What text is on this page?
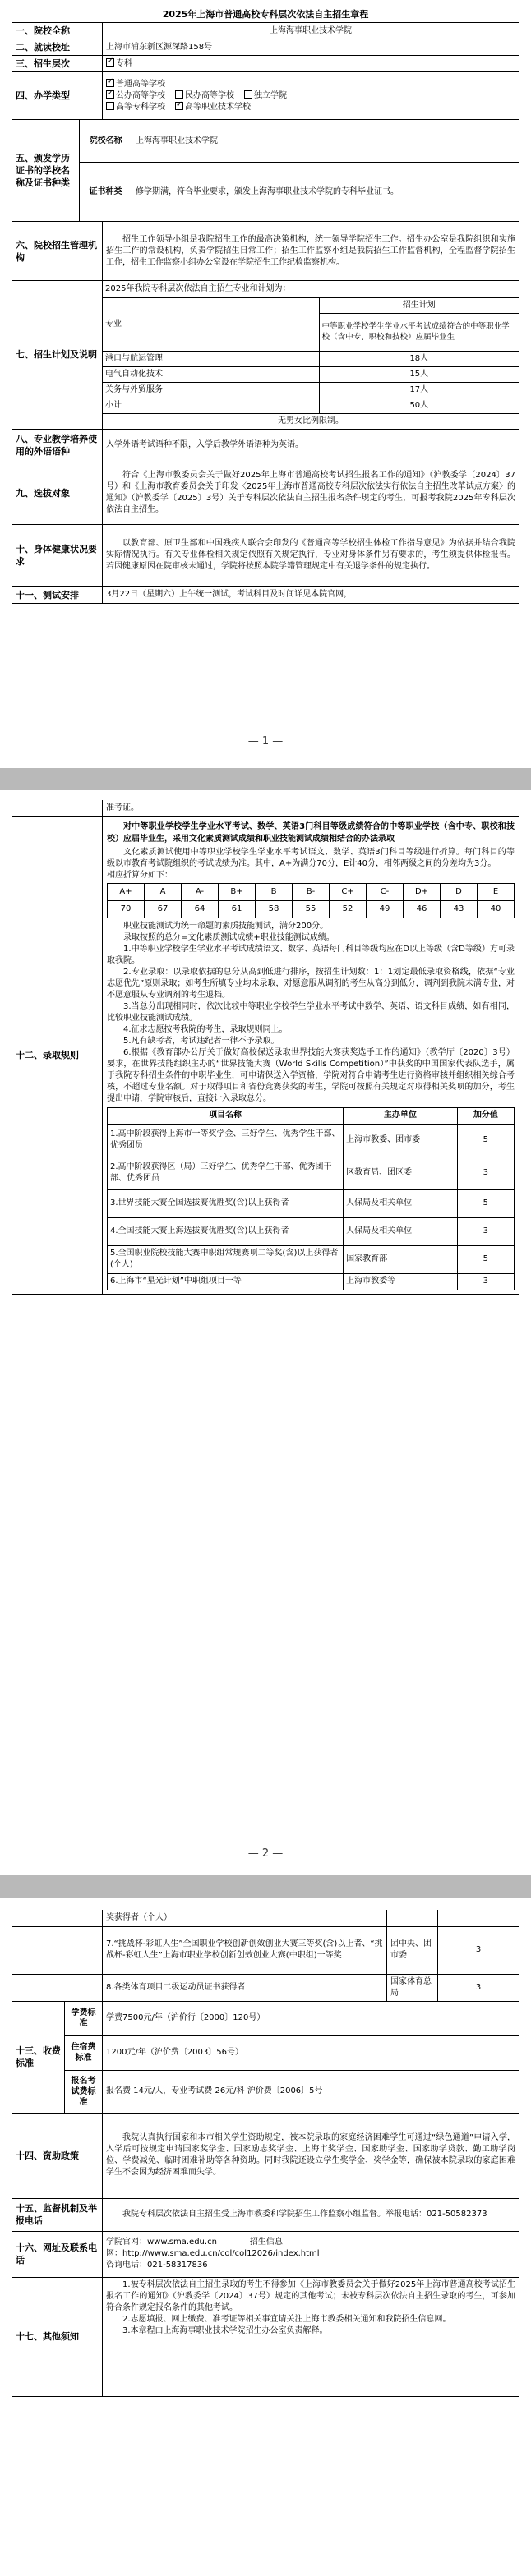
2025年上海市普通高校专科层次依法自主招生章程
一、院校全称	上海海事职业技术学院
二、就读校址	上海市浦东新区源深路158号
三、招生层次	✓专科
四、办学类型	
✓普通高等学校
✓公办高等学校 民办高等学校 独立学院
高等专科学校 ✓ 高等职业技术学校

五、颁发学历证书的学校名称及证书种类	院校名称	上海海事职业技术学院
证书种类	修学期满，符合毕业要求，颁发上海海事职业技术学院的专科毕业证书。
六、院校招生管理机构	招生工作领导小组是我院招生工作的最高决策机构，统一领导学院招生工作。招生办公室是我院组织和实施招生工作的常设机构，负责学院招生日常工作；招生工作监察小组是我院招生工作监督机构，全程监督学院招生工作，招生工作监察小组办公室设在学院招生工作纪检监察机构。
七、招生计划及说明	
2025年我院专科层次依法自主招生专业和计划为：
专业	招生计划
中等职业学校学生学业水平考试成绩符合的中等职业学校（含中专、职校和技校）应届毕业生
港口与航运管理	18人
电气自动化技术	15人
关务与外贸服务	17人
小计	50人
无男女比例限制。

八、专业教学培养使用的外语语种	入学外语考试语种不限，入学后教学外语语种为英语。
九、选拔对象	符合《上海市教委员会关于做好2025年上海市普通高校考试招生报名工作的通知》（沪教委学〔2024〕37号）和《上海市教育委员会关于印发〈2025年上海市普通高校专科层次依法实行依法自主招生改革试点方案〉的通知》（沪教委学〔2025〕3号）关于专科层次依法自主招生报名条件规定的考生，可报考我院2025年专科层次依法自主招生。
十、身体健康状况要求	以教育部、原卫生部和中国残疾人联合会印发的《普通高等学校招生体检工作指导意见》为依据并结合我院实际情况执行。有关专业体检相关规定依照有关规定执行，专业对身体条件另有要求的，考生须提供体检报告。若因健康原因在院审核未通过，学院将按照本院学籍管理规定中有关退学条件的规定执行。
十一、测试安排	3月22日（星期六）上午统一测试，考试科目及时间详见本院官网，
— 1 —
	准考证。
十二、录取规则	
对中等职业学校学生学业水平考试、数学、英语3门科目等级成绩符合的中等职业学校（含中专、职校和技校）应届毕业生，采用文化素质测试成绩和职业技能测试成绩相结合的办法录取
文化素质测试使用中等职业学校学生学业水平考试语文、数学、英语3门科目等级进行折算。每门科目的等级以市教育考试院组织的考试成绩为准。其中，A+为满分70分，E计40分，相邻两级之间的分差均为3分。
相应折算分如下：
A+	A	A-	B+	B	B-	C+	C-	D+	D	E
70	67	64	61	58	55	52	49	46	43	40
职业技能测试为统一命题的素质技能测试，满分200分。
录取按照的总分=文化素质测试成绩+职业技能测试成绩。
1.中等职业学校学生学业水平考试成绩语文、数学、英语每门科目等级均应在D以上等级（含D等级）方可录取我院。
2.专业录取：以录取依据的总分从高到低进行排序，按招生计划数：1：1划定最低录取资格线，依据“专业志愿优先”原则录取；如考生所填专业均未录取，对愿意服从调剂的考生从高分到低分，调剂到我院未满专业，对不愿意服从专业调剂的考生退档。
3.当总分出现相同时，依次比较中等职业学校学生学业水平考试中数学、英语、语文科目成绩，如有相同，比较职业技能测试成绩。
4.征求志愿按考我院的考生，录取规则同上。
5.凡有缺考者，考试违纪者一律不予录取。
6.根据《教育部办公厅关于做好高校保送录取世界技能大赛获奖选手工作的通知》（教学厅〔2020〕3号）要求，在世界技能组织主办的“世界技能大赛（World Skills Competition）”中获奖的中国国家代表队选手，属于我院专科招生条件的中职毕业生，可申请保送入学资格，学院对符合申请考生进行资格审核并组织相关综合考核，不超过专业名额。对于取得项目和省份竞赛获奖的考生，学院可按照有关规定对取得相关奖项的加分，考生提出申请，学院审核后，直接计入录取总分。
项目名称	主办单位	加分值
1.高中阶段获得上海市一等奖学金、三好学生、优秀学生干部、优秀团员	上海市教委、团市委	5
2.高中阶段获得区（局）三好学生、优秀学生干部、优秀团干部、优秀团员	区教育局、团区委	3
3.世界技能大赛全国选拔赛优胜奖(含)以上获得者	人保局及相关单位	5
4.全国技能大赛上海选拔赛优胜奖(含)以上获得者	人保局及相关单位	3
5.全国职业院校技能大赛中职组常规赛项二等奖(含)以上获得者(个人)	国家教育部	5
6.上海市“星光计划”中职组项目一等	上海市教委等	3
— 2 —
		奖获得者（个人）		
		7.“挑战杯-彩虹人生”全国职业学校创新创效创业大赛三等奖(含)以上者、“挑战杯-彩虹人生”上海市职业学校创新创效创业大赛(中职组)一等奖	团中央、团市委	3
		8.各类体育项目二级运动员证书获得者	国家体育总局	3
十三、收费标准	学费标准	学费7500元/年（沪价行〔2000〕120号）		
	住宿费标准	1200元/年（沪价费〔2003〕56号）		
	报名考试费标准	报名费 14元/人，专业考试费 26元/科 沪价费〔2006〕5号		
十四、资助政策		我院认真执行国家和本市相关学生资助规定，被本院录取的家庭经济困难学生可通过“绿色通道”申请入学，入学后可按规定申请国家奖学金、国家励志奖学金、上海市奖学金、国家助学金、国家助学贷款、勤工助学岗位、学费减免、临时困难补助等各种资助。同时我院还设立学生奖学金、奖学金等，确保被本院录取的家庭困难学生不会因为经济困难而失学。		
十五、监督机制及举报电话		我院专科层次依法自主招生受上海市教委和学院招生工作监察小组监督。举报电话：021-50582373		
十六、网址及联系电话		学院官网：www.smа.edu.cn 招生信息
网：http://www.sma.edu.cn/col/col12026/index.html
咨询电话：021-58317836		

十七、其他须知		1.被专科层次依法自主招生录取的考生不得参加《上海市教委员会关于做好2025年上海市普通高校考试招生报名工作的通知》（沪教委学〔2024〕37号）规定的其他考试；未被专科层次依法自主招生录取的考生，可参加符合条件规定报名条件的其他考试。
2.志愿填报、网上缴费、准考证等相关事宜请关注上海市教委相关通知和我院招生信息网。
3.本章程由上海海事职业技术学院招生办公室负责解释。		
